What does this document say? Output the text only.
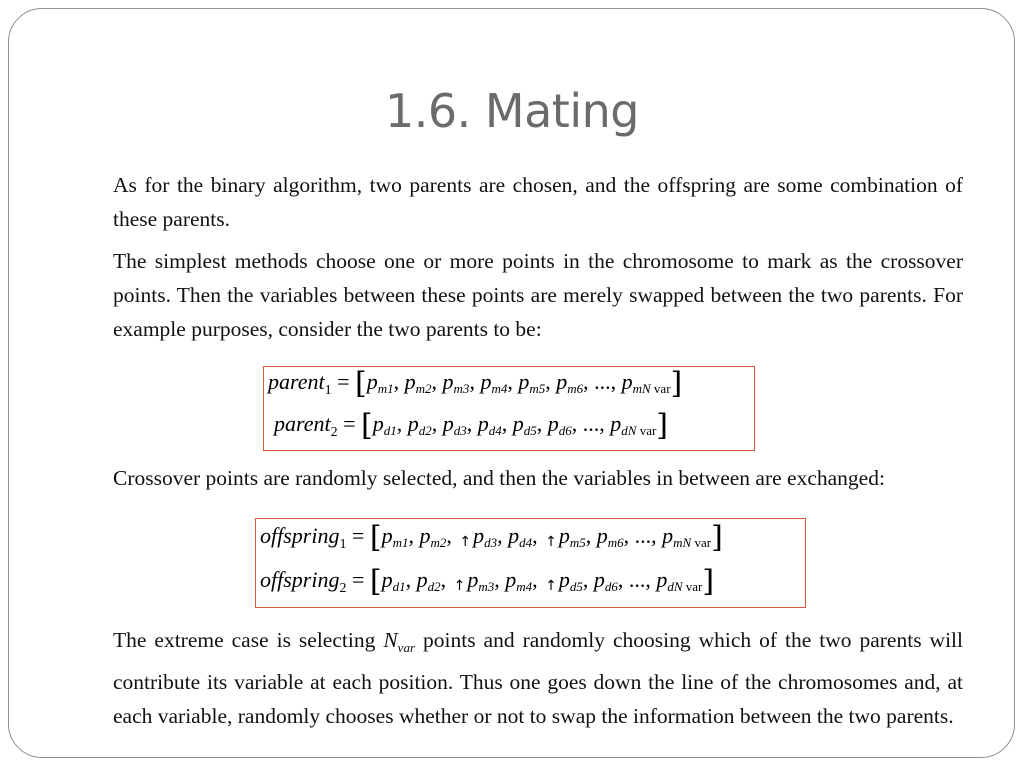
1.6. Mating

As for the binary algorithm, two parents are chosen, and the offspring are some combination of these parents.

The simplest methods choose one or more points in the chromosome to mark as the crossover points. Then the variables between these points are merely swapped between the two parents. For example purposes, consider the two parents to be:

parent$_1$ = [$p_{m1}$, $p_{m2}$, $p_{m3}$, $p_{m4}$, $p_{m5}$, $p_{m6}$, ..., $p_{mN var}$]
parent$_2$ = [$p_{d1}$, $p_{d2}$, $p_{d3}$, $p_{d4}$, $p_{d5}$, $p_{d6}$, ..., $p_{dN var}$]

Crossover points are randomly selected, and then the variables in between are exchanged:

offspring$_1$ = [$p_{m1}$, $p_{m2}$, $↑p_{d3}$, $p_{d4}$, $↑p_{m5}$, $p_{m6}$, ..., $p_{mN var}$]
offspring$_2$ = [$p_{d1}$, $p_{d2}$, $↑p_{m3}$, $p_{m4}$, $↑p_{d5}$, $p_{d6}$, ..., $p_{dN var}$]

The extreme case is selecting $N_{var}$ points and randomly choosing which of the two parents will contribute its variable at each position. Thus one goes down the line of the chromosomes and, at each variable, randomly chooses whether or not to swap the information between the two parents.
